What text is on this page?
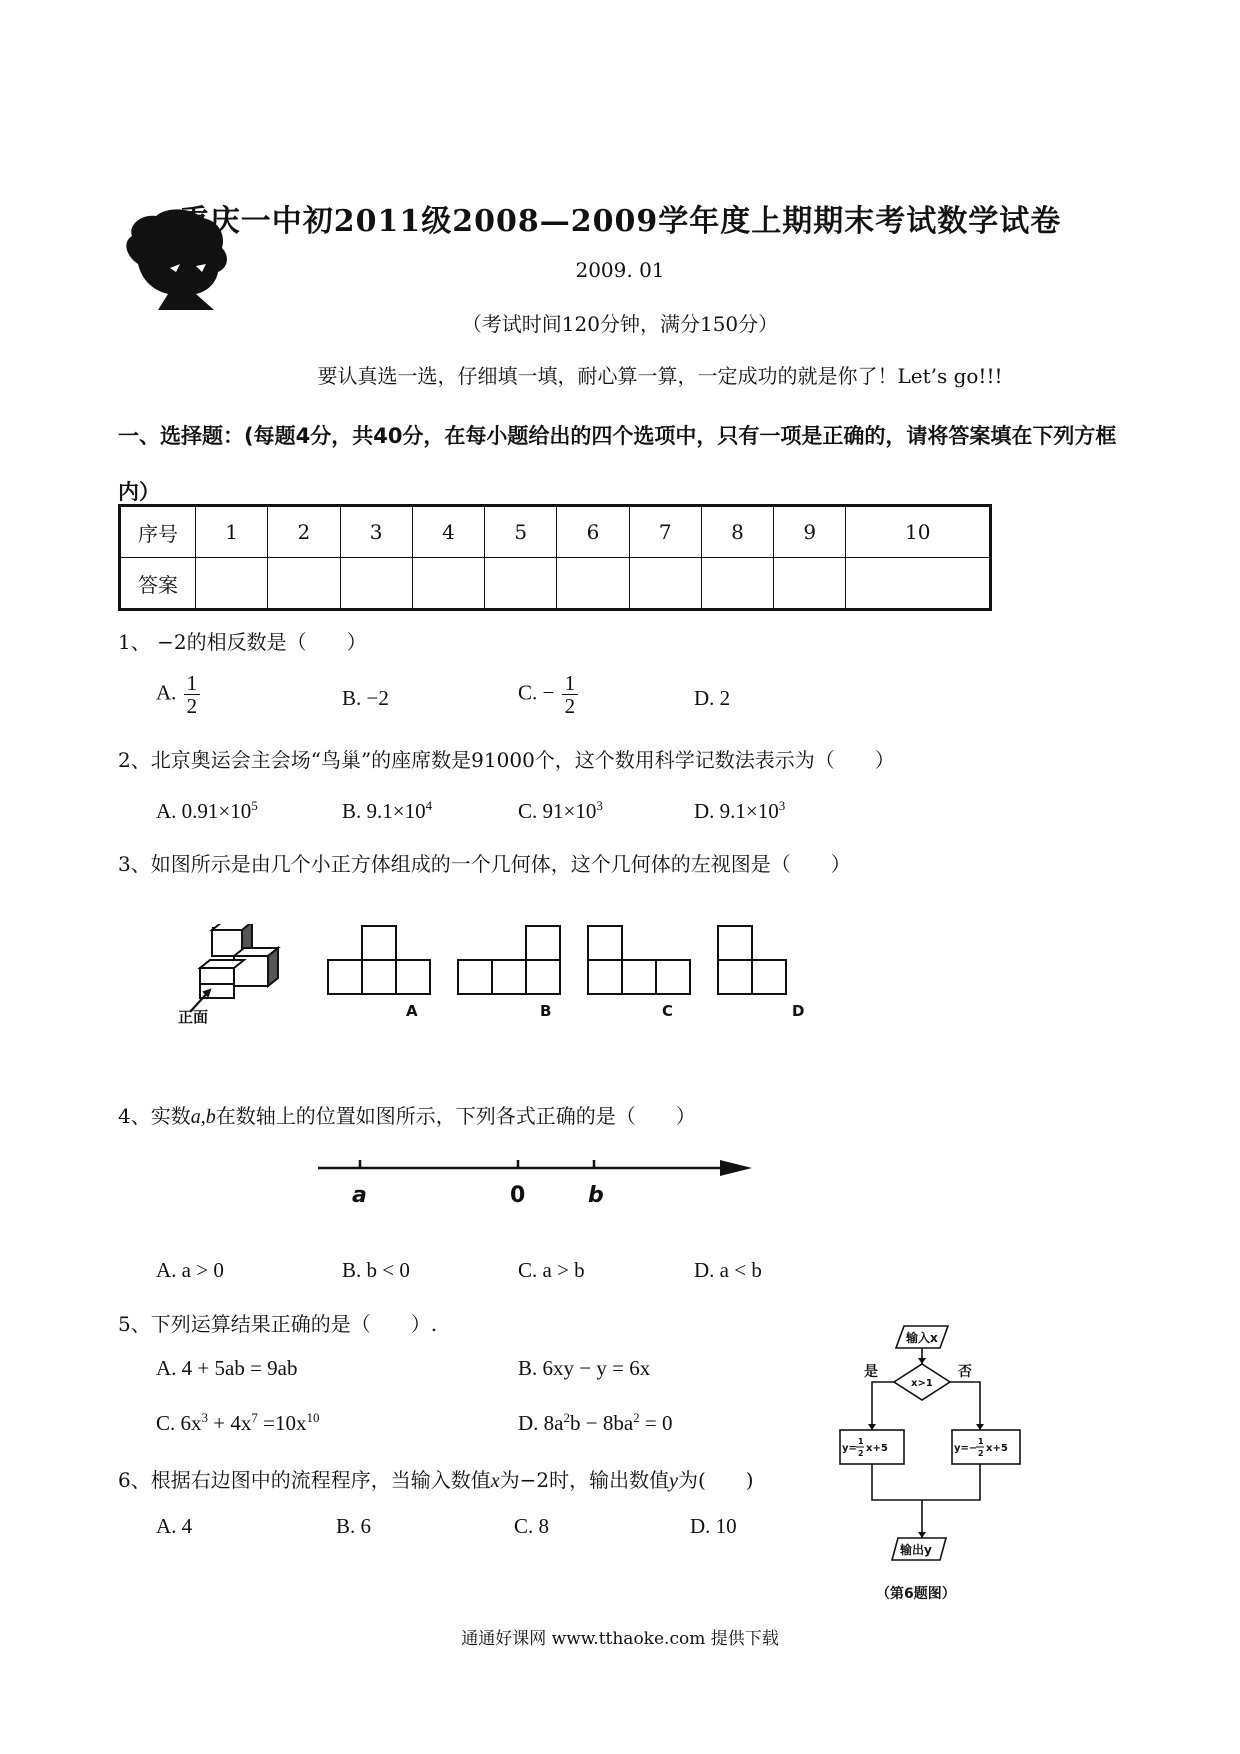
重庆一中初2011级2008—2009学年度上期期末考试数学试卷
2009. 01
（考试时间120分钟，满分150分）
要认真选一选，仔细填一填，耐心算一算，一定成功的就是你了！Let’s go!!!
一、选择题：(每题4分，共40分，在每小题给出的四个选项中，只有一项是正确的，请将答案填在下列方框内）
序号	1	2	3	4	5	6	7	8	9	10
答案										
1、 −2的相反数是（　　）
A. $\frac{1}{2}$	B. −2	C. − $\frac{1}{2}$	D. 2
2、北京奥运会主会场“鸟巢”的座席数是91000个，这个数用科学记数法表示为（　　）
A. $0.91\times 10^5$	B. $9.1\times 10^4$	C. $91\times 10^3$	D. $9.1\times 10^3$
3、如图所示是由几个小正方体组成的一个几何体，这个几何体的左视图是（　　）
正面	A	B	C	D
4、实数a,b在数轴上的位置如图所示，下列各式正确的是（　　）
a	0	b
A. a > 0	B. b < 0	C. a > b	D. a < b
5、下列运算结果正确的是（　　）.
A. 4 + 5ab = 9ab	B. 6xy − y = 6x
C. $6x^3 + 4x^7 =10x^{10}$	D. $8a^2b - 8ba^2 = 0$
6、根据右边图中的流程程序，当输入数值x为−2时，输出数值y为(　　)
A. 4	B. 6	C. 8	D. 10
输入x
x>1
是	否
y=
1
2 x+5	y=−
1
2 x+5
输出y
（第6题图）
通通好课网 www.tthaoke.com 提供下载
